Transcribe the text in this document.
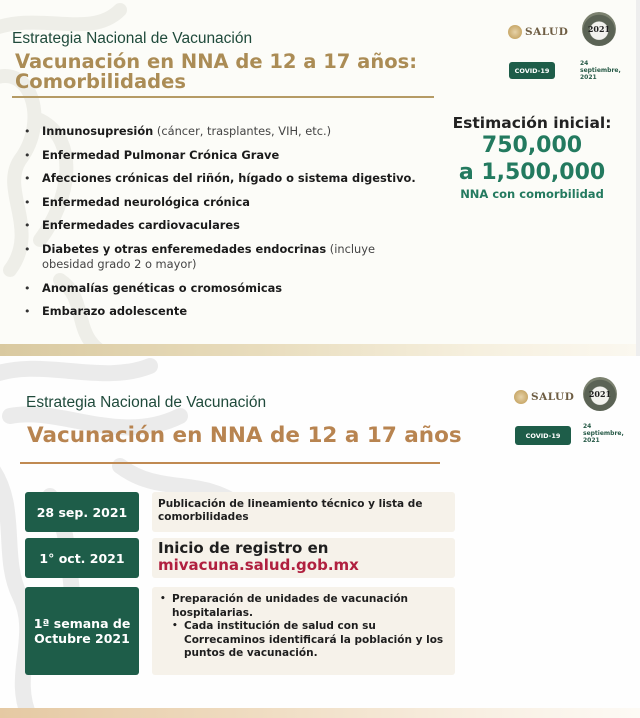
Estrategia Nacional de Vacunación
Vacunación en NNA de 12 a 17 años:
Comorbilidades
SALUD 2021
COVID-19
24
septiembre,
2021
• Inmunosupresión (cáncer, trasplantes, VIH, etc.)
• Enfermedad Pulmonar Crónica Grave
• Afecciones crónicas del riñón, hígado o sistema digestivo.
• Enfermedad neurológica crónica
• Enfermedades cardiovaculares
• Diabetes y otras enferemedades endocrinas (incluye obesidad grado 2 o mayor)
• Anomalías genéticas o cromosómicas
• Embarazo adolescente
Estimación inicial:
750,000
a 1,500,000
NNA con comorbilidad
Estrategia Nacional de Vacunación
Vacunación en NNA de 12 a 17 años
SALUD 2021
COVID-19
24
septiembre,
2021
28 sep. 2021
Publicación de lineamiento técnico y lista de comorbilidades
1° oct. 2021
Inicio de registro en
mivacuna.salud.gob.mx
1ª semana de
Octubre 2021
• Preparación de unidades de vacunación hospitalarias.
• Cada institución de salud con su Correcaminos identificará la población y los puntos de vacunación.
